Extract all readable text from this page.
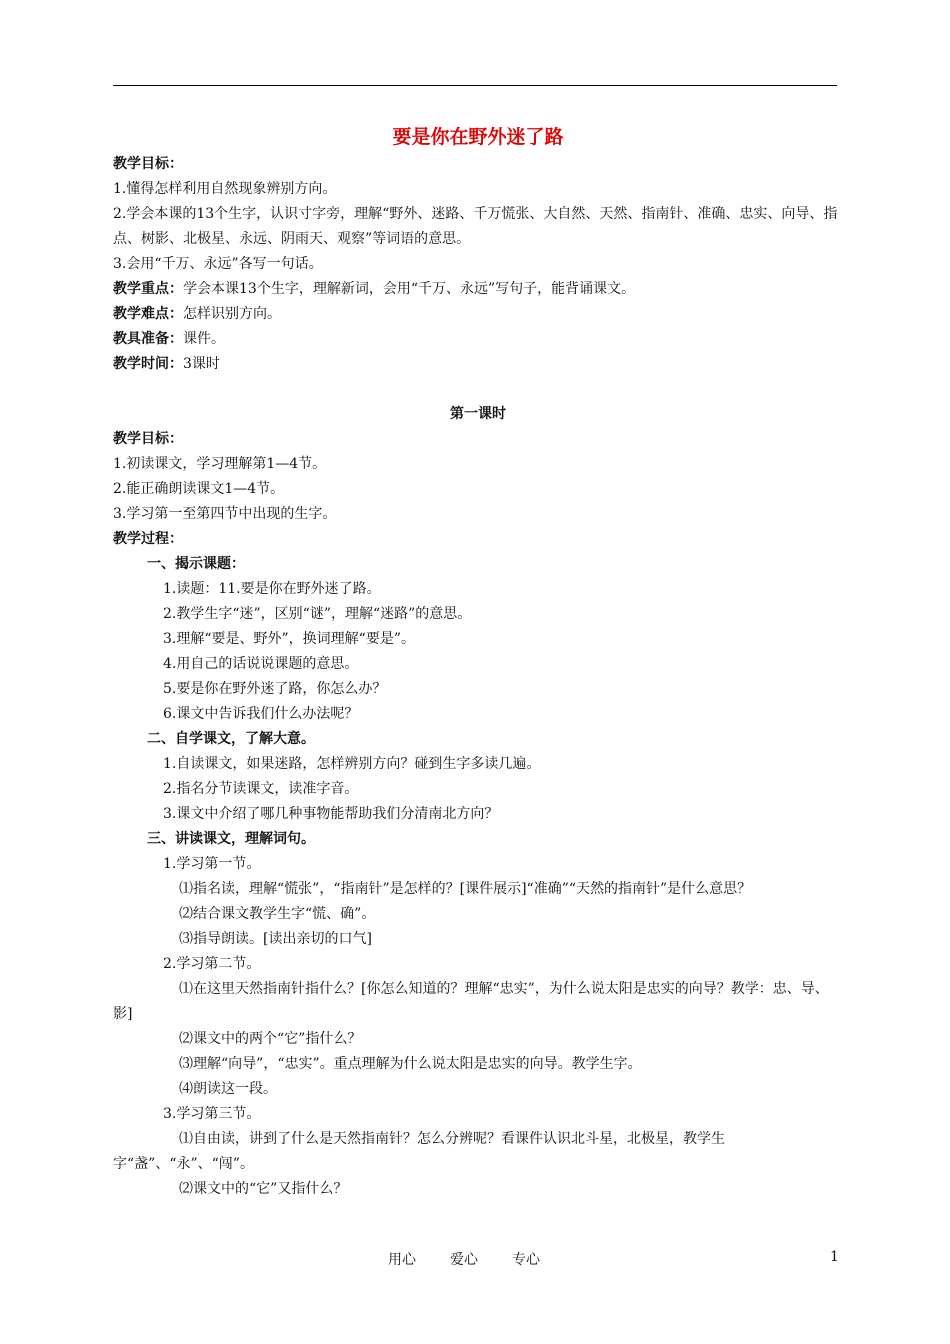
要是你在野外迷了路
教学目标：
1.懂得怎样利用自然现象辨别方向。
2.学会本课的13个生字，认识寸字旁，理解“野外、迷路、千万慌张、大自然、天然、指南针、准确、忠实、向导、指点、树影、北极星、永远、阴雨天、观察”等词语的意思。
3.会用“千万、永远”各写一句话。
教学重点：学会本课13个生字，理解新词，会用“千万、永远”写句子，能背诵课文。
教学难点：怎样识别方向。
教具准备：课件。
教学时间：3课时
第一课时
教学目标：
1.初读课文，学习理解第1—4节。
2.能正确朗读课文1—4节。
3.学习第一至第四节中出现的生字。
教学过程：
一、揭示课题：
1.读题：11.要是你在野外迷了路。
2.教学生字“迷”，区别“谜”，理解“迷路”的意思。
3.理解“要是、野外”，换词理解“要是”。
4.用自己的话说说课题的意思。
5.要是你在野外迷了路，你怎么办？
6.课文中告诉我们什么办法呢？
二、自学课文，了解大意。
1.自读课文，如果迷路，怎样辨别方向？碰到生字多读几遍。
2.指名分节读课文，读准字音。
3.课文中介绍了哪几种事物能帮助我们分清南北方向？
三、讲读课文，理解词句。
1.学习第一节。
⑴指名读，理解“慌张”，“指南针”是怎样的？[课件展示]“准确”“天然的指南针”是什么意思？
⑵结合课文教学生字“慌、确”。
⑶指导朗读。[读出亲切的口气]
2.学习第二节。
⑴在这里天然指南针指什么？[你怎么知道的？理解“忠实”，为什么说太阳是忠实的向导？教学：忠、导、影]
⑵课文中的两个“它”指什么？
⑶理解“向导”，“忠实”。重点理解为什么说太阳是忠实的向导。教学生字。
⑷朗读这一段。
3.学习第三节。
⑴自由读，讲到了什么是天然指南针？怎么分辨呢？看课件认识北斗星，北极星，教学生字“盏”、“永”、“闯”。
⑵课文中的“它”又指什么？
用心 爱心 专心	1
